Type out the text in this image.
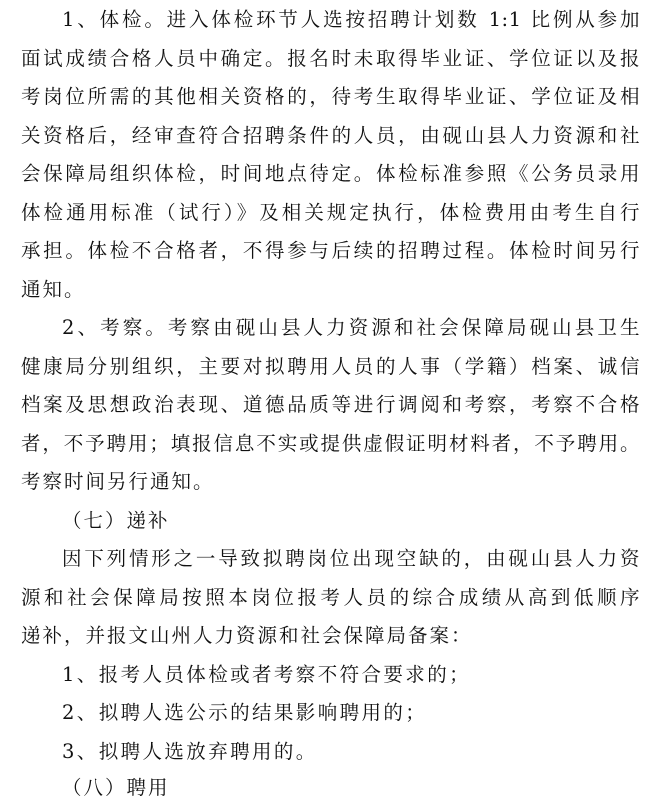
1、体检。进入体检环节人选按招聘计划数 1:1 比例从参加
面试成绩合格人员中确定。报名时未取得毕业证、学位证以及报
考岗位所需的其他相关资格的，待考生取得毕业证、学位证及相
关资格后，经审查符合招聘条件的人员，由砚山县人力资源和社
会保障局组织体检，时间地点待定。体检标准参照《公务员录用
体检通用标准（试行）》及相关规定执行，体检费用由考生自行
承担。体检不合格者，不得参与后续的招聘过程。体检时间另行
通知。
2、考察。考察由砚山县人力资源和社会保障局砚山县卫生
健康局分别组织，主要对拟聘用人员的人事（学籍）档案、诚信
档案及思想政治表现、道德品质等进行调阅和考察，考察不合格
者，不予聘用；填报信息不实或提供虚假证明材料者，不予聘用。
考察时间另行通知。
（七）递补
因下列情形之一导致拟聘岗位出现空缺的，由砚山县人力资
源和社会保障局按照本岗位报考人员的综合成绩从高到低顺序
递补，并报文山州人力资源和社会保障局备案：
1、报考人员体检或者考察不符合要求的；
2、拟聘人选公示的结果影响聘用的；
3、拟聘人选放弃聘用的。
（八）聘用
